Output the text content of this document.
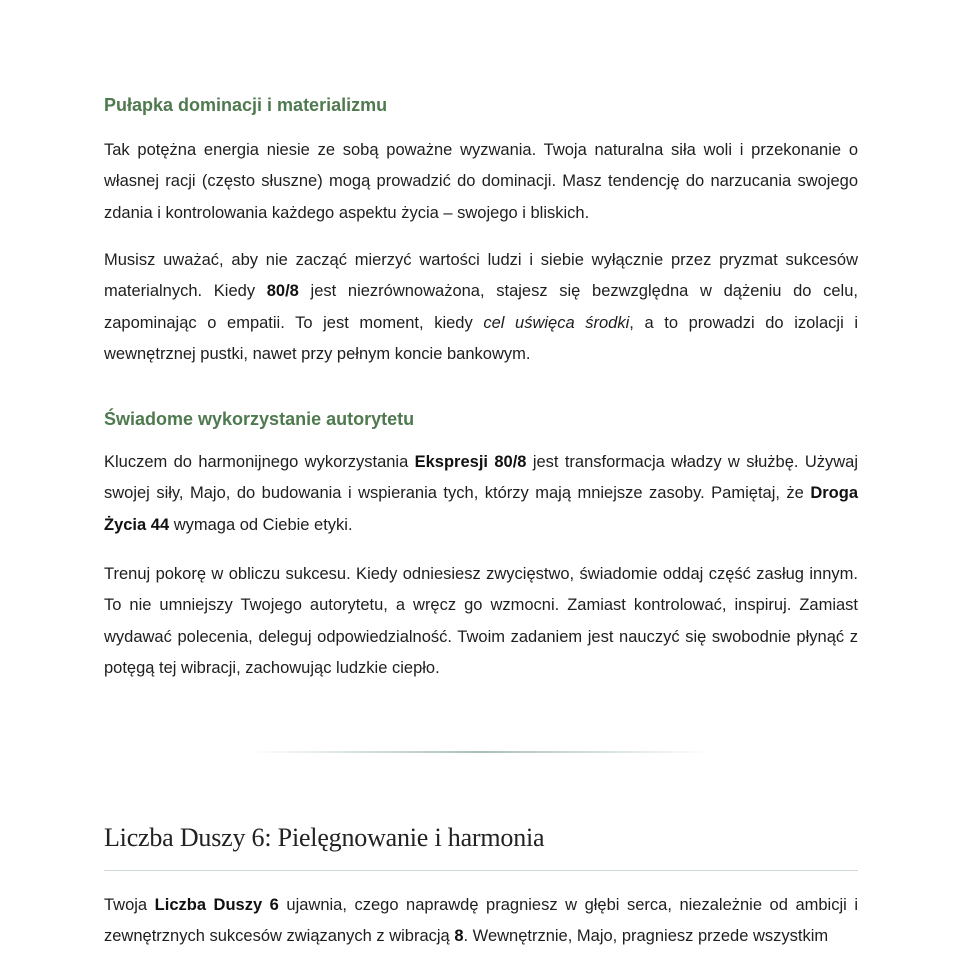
Pułapka dominacji i materializmu

Tak potężna energia niesie ze sobą poważne wyzwania. Twoja naturalna siła woli i przekonanie o własnej racji (często słuszne) mogą prowadzić do dominacji. Masz tendencję do narzucania swojego zdania i kontrolowania każdego aspektu życia – swojego i bliskich.

Musisz uważać, aby nie zacząć mierzyć wartości ludzi i siebie wyłącznie przez pryzmat sukcesów materialnych. Kiedy 80/8 jest niezrównoważona, stajesz się bezwzględna w dążeniu do celu, zapominając o empatii. To jest moment, kiedy cel uświęca środki, a to prowadzi do izolacji i wewnętrznej pustki, nawet przy pełnym koncie bankowym.

Świadome wykorzystanie autorytetu

Kluczem do harmonijnego wykorzystania Ekspresji 80/8 jest transformacja władzy w służbę. Używaj swojej siły, Majo, do budowania i wspierania tych, którzy mają mniejsze zasoby. Pamiętaj, że Droga Życia 44 wymaga od Ciebie etyki.

Trenuj pokorę w obliczu sukcesu. Kiedy odniesiesz zwycięstwo, świadomie oddaj część zasług innym. To nie umniejszy Twojego autorytetu, a wręcz go wzmocni. Zamiast kontrolować, inspiruj. Zamiast wydawać polecenia, deleguj odpowiedzialność. Twoim zadaniem jest nauczyć się swobodnie płynąć z potęgą tej wibracji, zachowując ludzkie ciepło.

Liczba Duszy 6: Pielęgnowanie i harmonia

Twoja Liczba Duszy 6 ujawnia, czego naprawdę pragniesz w głębi serca, niezależnie od ambicji i zewnętrznych sukcesów związanych z wibracją 8. Wewnętrznie, Majo, pragniesz przede wszystkim
